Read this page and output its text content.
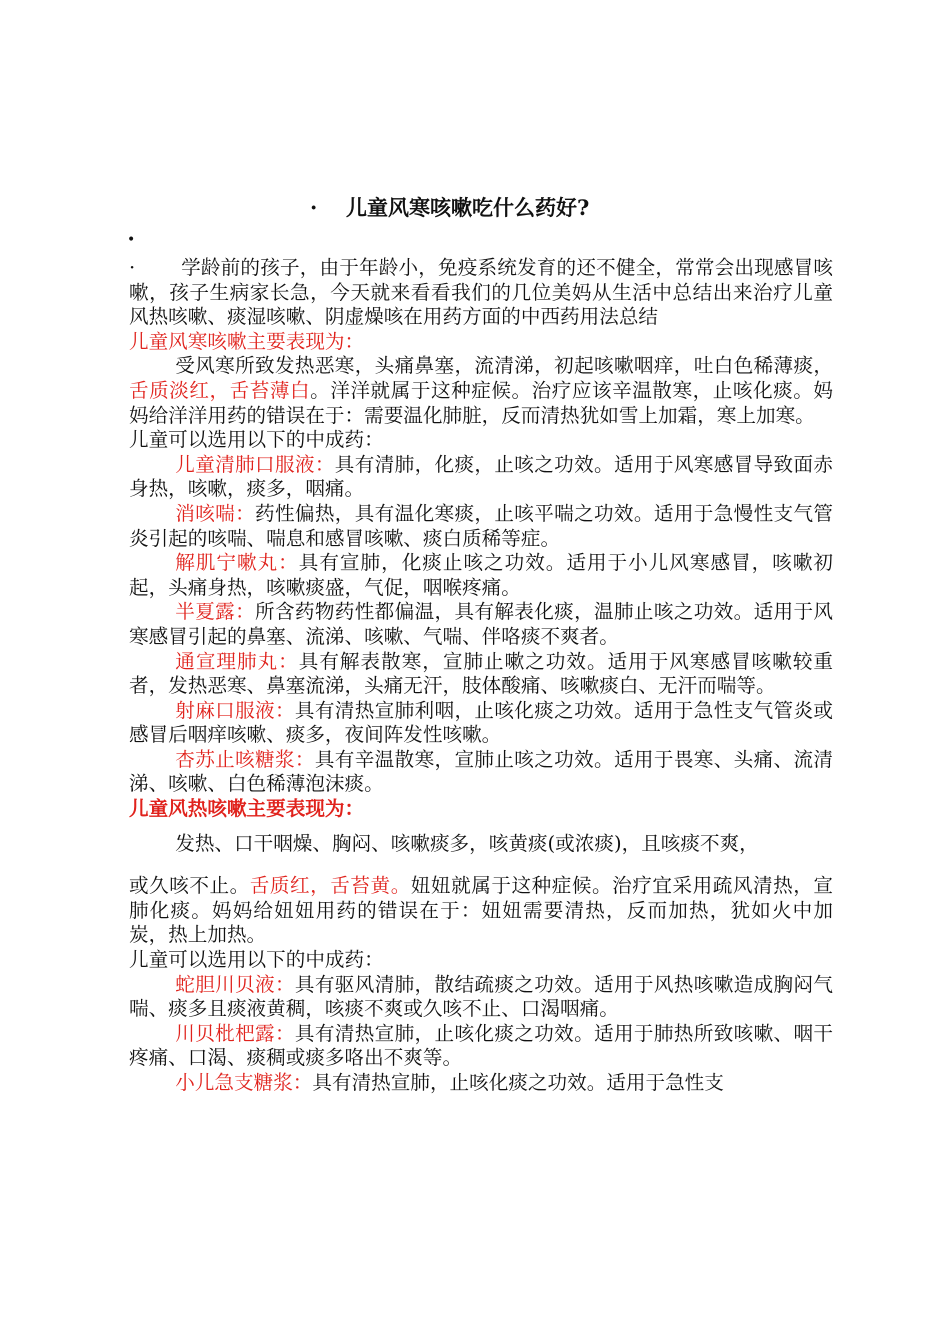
· 儿童风寒咳嗽吃什么药好?
•

· 学龄前的孩子，由于年龄小，免疫系统发育的还不健全，常常会出现感冒咳嗽，孩子生病家长急，今天就来看看我们的几位美妈从生活中总结出来治疗儿童风热咳嗽、痰湿咳嗽、阴虚燥咳在用药方面的中西药用法总结

儿童风寒咳嗽主要表现为：

受风寒所致发热恶寒，头痛鼻塞，流清涕，初起咳嗽咽痒，吐白色稀薄痰，舌质淡红，舌苔薄白。洋洋就属于这种症候。治疗应该辛温散寒，止咳化痰。妈妈给洋洋用药的错误在于：需要温化肺脏，反而清热犹如雪上加霜，寒上加寒。

儿童可以选用以下的中成药：

儿童清肺口服液：具有清肺，化痰，止咳之功效。适用于风寒感冒导致面赤身热，咳嗽，痰多，咽痛。

消咳喘：药性偏热，具有温化寒痰，止咳平喘之功效。适用于急慢性支气管炎引起的咳喘、喘息和感冒咳嗽、痰白质稀等症。

解肌宁嗽丸：具有宣肺，化痰止咳之功效。适用于小儿风寒感冒，咳嗽初起，头痛身热，咳嗽痰盛，气促，咽喉疼痛。

半夏露：所含药物药性都偏温，具有解表化痰，温肺止咳之功效。适用于风寒感冒引起的鼻塞、流涕、咳嗽、气喘、伴咯痰不爽者。

通宣理肺丸：具有解表散寒，宣肺止嗽之功效。适用于风寒感冒咳嗽较重者，发热恶寒、鼻塞流涕，头痛无汗，肢体酸痛、咳嗽痰白、无汗而喘等。

射麻口服液：具有清热宣肺利咽，止咳化痰之功效。适用于急性支气管炎或感冒后咽痒咳嗽、痰多，夜间阵发性咳嗽。

杏苏止咳糖浆：具有辛温散寒，宣肺止咳之功效。适用于畏寒、头痛、流清涕、咳嗽、白色稀薄泡沫痰。

儿童风热咳嗽主要表现为：

发热、口干咽燥、胸闷、咳嗽痰多，咳黄痰(或浓痰)，且咳痰不爽，

或久咳不止。舌质红，舌苔黄。妞妞就属于这种症候。治疗宜采用疏风清热，宣肺化痰。妈妈给妞妞用药的错误在于：妞妞需要清热，反而加热，犹如火中加炭，热上加热。

儿童可以选用以下的中成药：

蛇胆川贝液：具有驱风清肺，散结疏痰之功效。适用于风热咳嗽造成胸闷气喘、痰多且痰液黄稠，咳痰不爽或久咳不止、口渴咽痛。

川贝枇杷露：具有清热宣肺，止咳化痰之功效。适用于肺热所致咳嗽、咽干疼痛、口渴、痰稠或痰多咯出不爽等。

小儿急支糖浆：具有清热宣肺，止咳化痰之功效。适用于急性支
